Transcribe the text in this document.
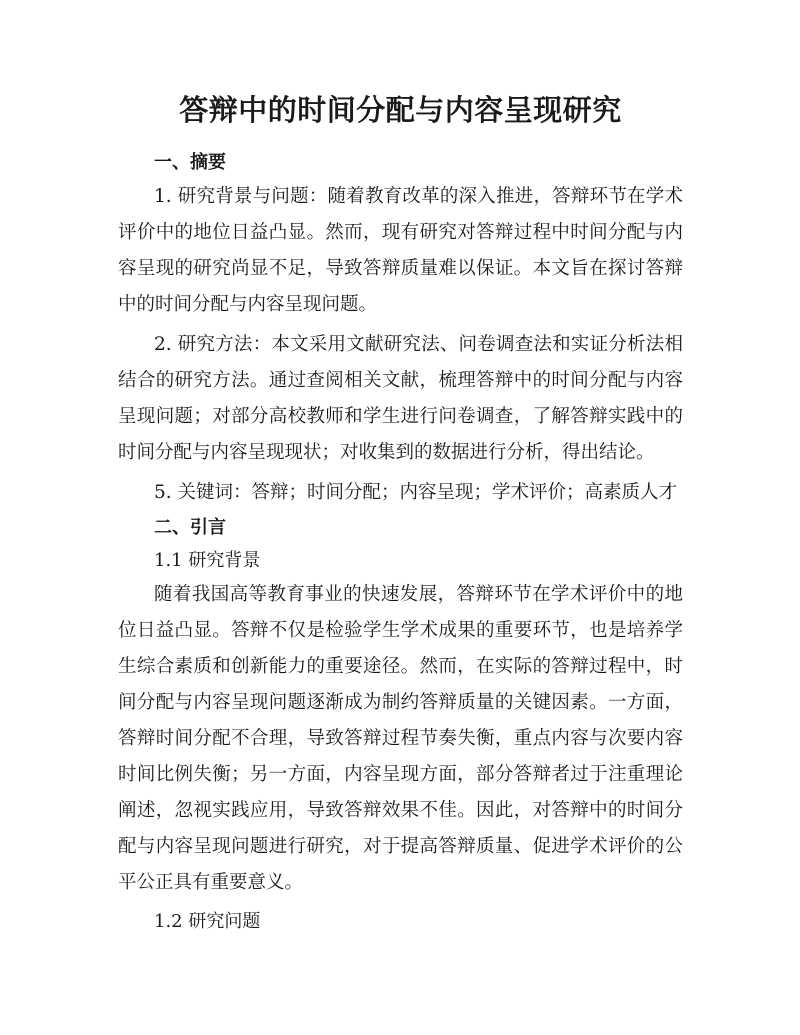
答辩中的时间分配与内容呈现研究

一、摘要

1. 研究背景与问题：随着教育改革的深入推进，答辩环节在学术评价中的地位日益凸显。然而，现有研究对答辩过程中时间分配与内容呈现的研究尚显不足，导致答辩质量难以保证。本文旨在探讨答辩中的时间分配与内容呈现问题。

2. 研究方法：本文采用文献研究法、问卷调查法和实证分析法相结合的研究方法。通过查阅相关文献，梳理答辩中的时间分配与内容呈现问题；对部分高校教师和学生进行问卷调查，了解答辩实践中的时间分配与内容呈现现状；对收集到的数据进行分析，得出结论。

5. 关键词：答辩；时间分配；内容呈现；学术评价；高素质人才

二、引言

1.1 研究背景

随着我国高等教育事业的快速发展，答辩环节在学术评价中的地位日益凸显。答辩不仅是检验学生学术成果的重要环节，也是培养学生综合素质和创新能力的重要途径。然而，在实际的答辩过程中，时间分配与内容呈现问题逐渐成为制约答辩质量的关键因素。一方面，答辩时间分配不合理，导致答辩过程节奏失衡，重点内容与次要内容时间比例失衡；另一方面，内容呈现方面，部分答辩者过于注重理论阐述，忽视实践应用，导致答辩效果不佳。因此，对答辩中的时间分配与内容呈现问题进行研究，对于提高答辩质量、促进学术评价的公平公正具有重要意义。

1.2 研究问题
